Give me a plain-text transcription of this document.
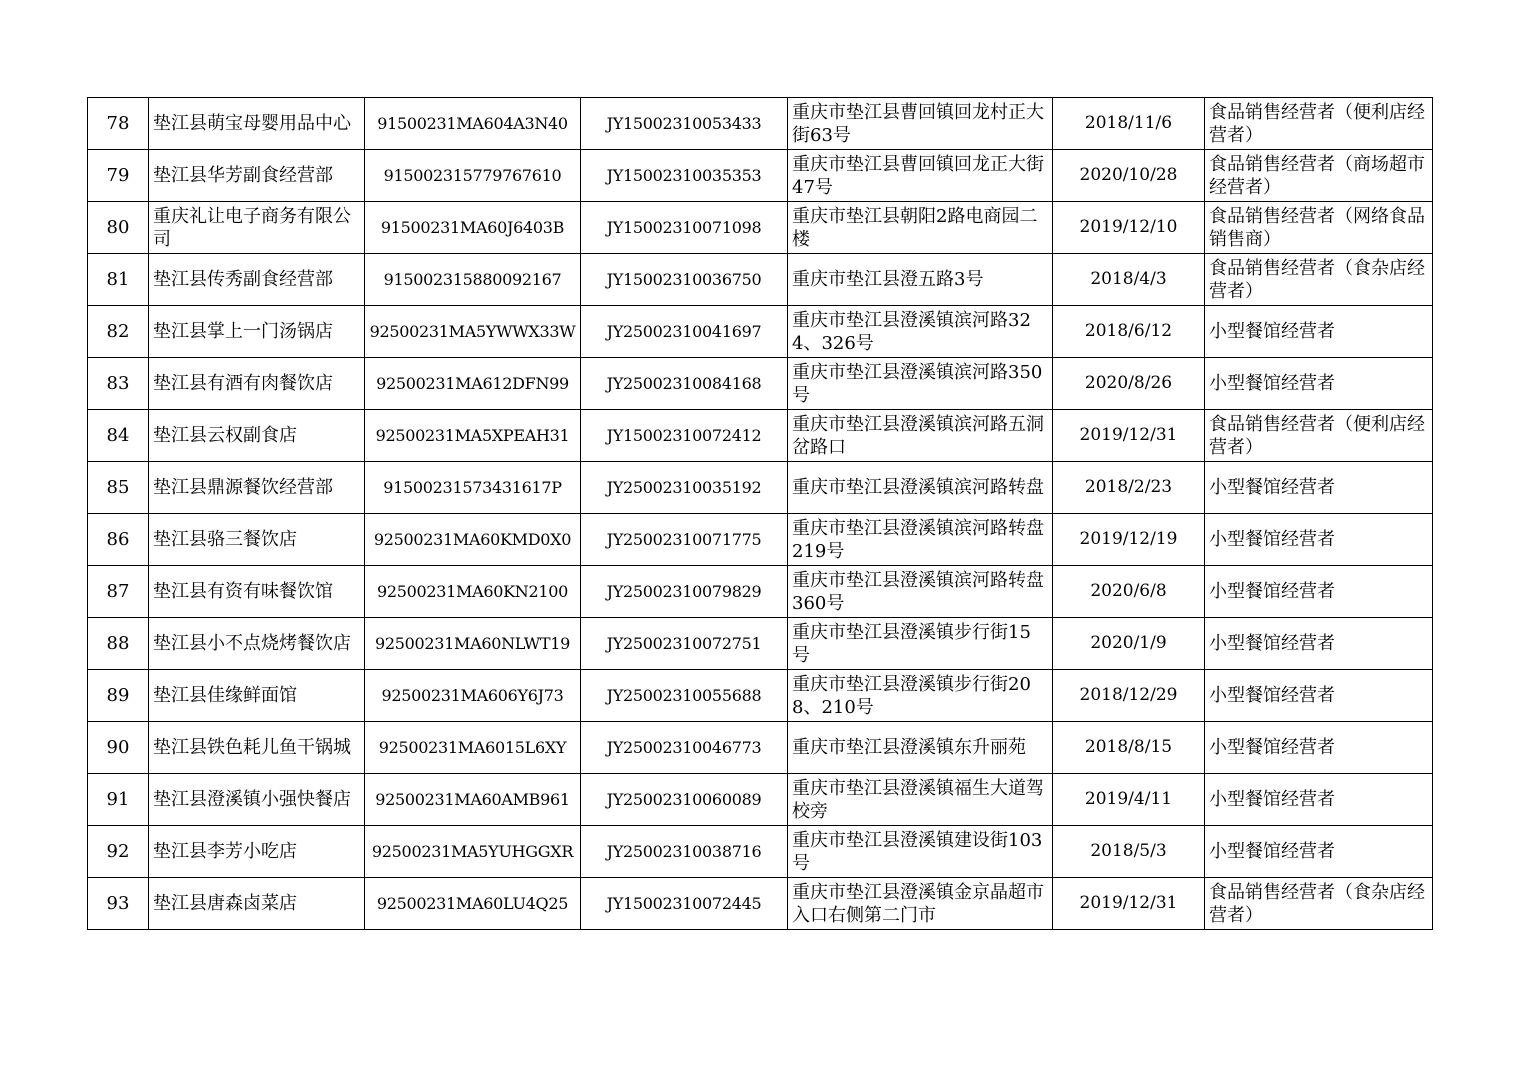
78	垫江县萌宝母婴用品中心	91500231MA604A3N40	JY15002310053433	重庆市垫江县曹回镇回龙村正大街63号	2018/11/6	食品销售经营者（便利店经营者）
79	垫江县华芳副食经营部	915002315779767610	JY15002310035353	重庆市垫江县曹回镇回龙正大街47号	2020/10/28	食品销售经营者（商场超市经营者）
80	重庆礼让电子商务有限公司	91500231MA60J6403B	JY15002310071098	重庆市垫江县朝阳2路电商园二楼	2019/12/10	食品销售经营者（网络食品销售商）
81	垫江县传秀副食经营部	915002315880092167	JY15002310036750	重庆市垫江县澄五路3号	2018/4/3	食品销售经营者（食杂店经营者）
82	垫江县掌上一门汤锅店	92500231MA5YWWX33W	JY25002310041697	重庆市垫江县澄溪镇滨河路324、326号	2018/6/12	小型餐馆经营者
83	垫江县有酒有肉餐饮店	92500231MA612DFN99	JY25002310084168	重庆市垫江县澄溪镇滨河路350号	2020/8/26	小型餐馆经营者
84	垫江县云权副食店	92500231MA5XPEAH31	JY15002310072412	重庆市垫江县澄溪镇滨河路五洞岔路口	2019/12/31	食品销售经营者（便利店经营者）
85	垫江县鼎源餐饮经营部	91500231573431617P	JY25002310035192	重庆市垫江县澄溪镇滨河路转盘	2018/2/23	小型餐馆经营者
86	垫江县骆三餐饮店	92500231MA60KMD0X0	JY25002310071775	重庆市垫江县澄溪镇滨河路转盘219号	2019/12/19	小型餐馆经营者
87	垫江县有资有味餐饮馆	92500231MA60KN2100	JY25002310079829	重庆市垫江县澄溪镇滨河路转盘360号	2020/6/8	小型餐馆经营者
88	垫江县小不点烧烤餐饮店	92500231MA60NLWT19	JY25002310072751	重庆市垫江县澄溪镇步行街15号	2020/1/9	小型餐馆经营者
89	垫江县佳缘鲜面馆	92500231MA606Y6J73	JY25002310055688	重庆市垫江县澄溪镇步行街208、210号	2018/12/29	小型餐馆经营者
90	垫江县铁色耗儿鱼干锅城	92500231MA6015L6XY	JY25002310046773	重庆市垫江县澄溪镇东升丽苑	2018/8/15	小型餐馆经营者
91	垫江县澄溪镇小强快餐店	92500231MA60AMB961	JY25002310060089	重庆市垫江县澄溪镇福生大道驾校旁	2019/4/11	小型餐馆经营者
92	垫江县李芳小吃店	92500231MA5YUHGGXR	JY25002310038716	重庆市垫江县澄溪镇建设街103号	2018/5/3	小型餐馆经营者
93	垫江县唐森卤菜店	92500231MA60LU4Q25	JY15002310072445	重庆市垫江县澄溪镇金京晶超市入口右侧第二门市	2019/12/31	食品销售经营者（食杂店经营者）
